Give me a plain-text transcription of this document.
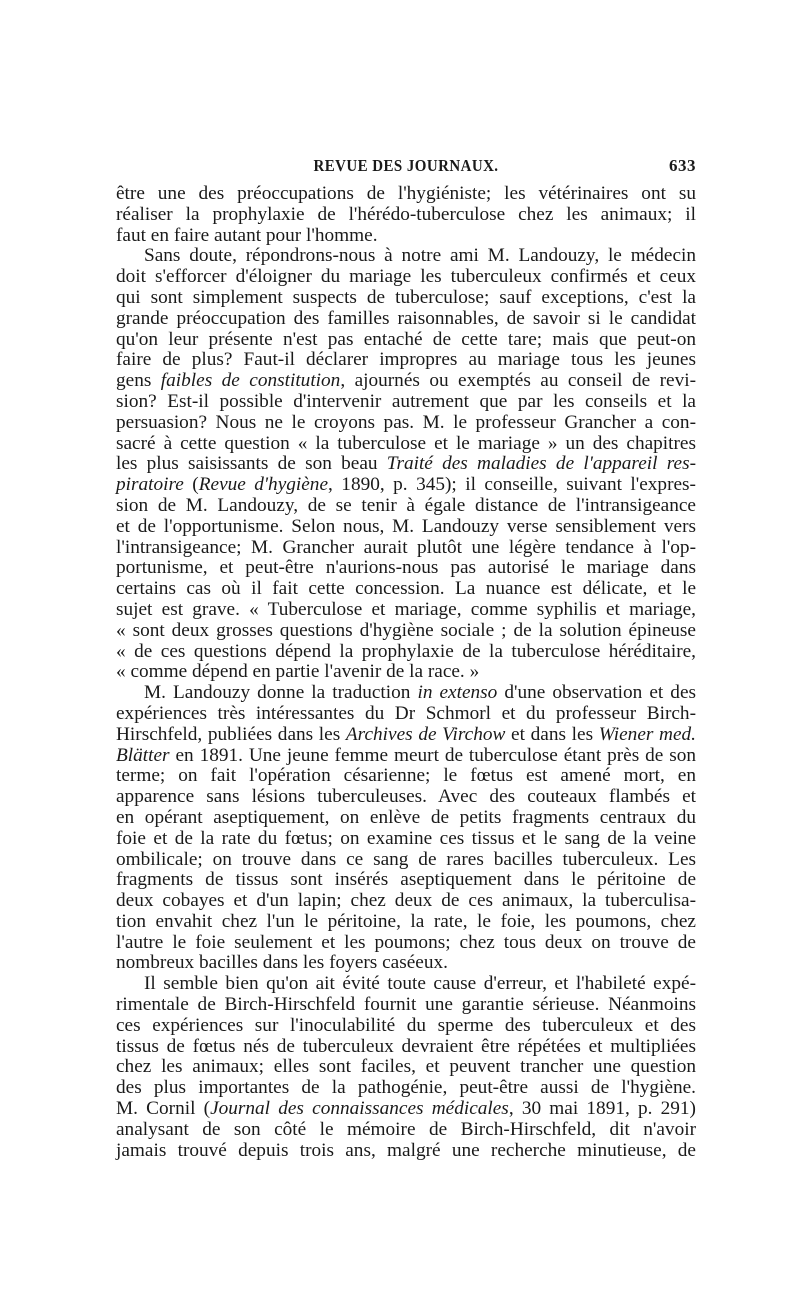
REVUE DES JOURNAUX.	633

être une des préoccupations de l'hygiéniste; les vétérinaires ont su
réaliser la prophylaxie de l'hérédo-tuberculose chez les animaux; il
faut en faire autant pour l'homme.

Sans doute, répondrons-nous à notre ami M. Landouzy, le médecin
doit s'efforcer d'éloigner du mariage les tuberculeux confirmés et ceux
qui sont simplement suspects de tuberculose; sauf exceptions, c'est la
grande préoccupation des familles raisonnables, de savoir si le candidat
qu'on leur présente n'est pas entaché de cette tare; mais que peut-on
faire de plus? Faut-il déclarer impropres au mariage tous les jeunes
gens faibles de constitution, ajournés ou exemptés au conseil de revi-
sion? Est-il possible d'intervenir autrement que par les conseils et la
persuasion? Nous ne le croyons pas. M. le professeur Grancher a con-
sacré à cette question « la tuberculose et le mariage » un des chapitres
les plus saisissants de son beau Traité des maladies de l'appareil res-
piratoire (Revue d'hygiène, 1890, p. 345); il conseille, suivant l'expres-
sion de M. Landouzy, de se tenir à égale distance de l'intransigeance
et de l'opportunisme. Selon nous, M. Landouzy verse sensiblement vers
l'intransigeance; M. Grancher aurait plutôt une légère tendance à l'op-
portunisme, et peut-être n'aurions-nous pas autorisé le mariage dans
certains cas où il fait cette concession. La nuance est délicate, et le
sujet est grave. « Tuberculose et mariage, comme syphilis et mariage,
« sont deux grosses questions d'hygiène sociale ; de la solution épineuse
« de ces questions dépend la prophylaxie de la tuberculose héréditaire,
« comme dépend en partie l'avenir de la race. »

M. Landouzy donne la traduction in extenso d'une observation et des
expériences très intéressantes du Dr Schmorl et du professeur Birch-
Hirschfeld, publiées dans les Archives de Virchow et dans les Wiener med.
Blätter en 1891. Une jeune femme meurt de tuberculose étant près de son
terme; on fait l'opération césarienne; le fœtus est amené mort, en
apparence sans lésions tuberculeuses. Avec des couteaux flambés et
en opérant aseptiquement, on enlève de petits fragments centraux du
foie et de la rate du fœtus; on examine ces tissus et le sang de la veine
ombilicale; on trouve dans ce sang de rares bacilles tuberculeux. Les
fragments de tissus sont insérés aseptiquement dans le péritoine de
deux cobayes et d'un lapin; chez deux de ces animaux, la tuberculisa-
tion envahit chez l'un le péritoine, la rate, le foie, les poumons, chez
l'autre le foie seulement et les poumons; chez tous deux on trouve de
nombreux bacilles dans les foyers caséeux.

Il semble bien qu'on ait évité toute cause d'erreur, et l'habileté expé-
rimentale de Birch-Hirschfeld fournit une garantie sérieuse. Néanmoins
ces expériences sur l'inoculabilité du sperme des tuberculeux et des
tissus de fœtus nés de tuberculeux devraient être répétées et multipliées
chez les animaux; elles sont faciles, et peuvent trancher une question
des plus importantes de la pathogénie, peut-être aussi de l'hygiène.
M. Cornil (Journal des connaissances médicales, 30 mai 1891, p. 291)
analysant de son côté le mémoire de Birch-Hirschfeld, dit n'avoir
jamais trouvé depuis trois ans, malgré une recherche minutieuse, de
